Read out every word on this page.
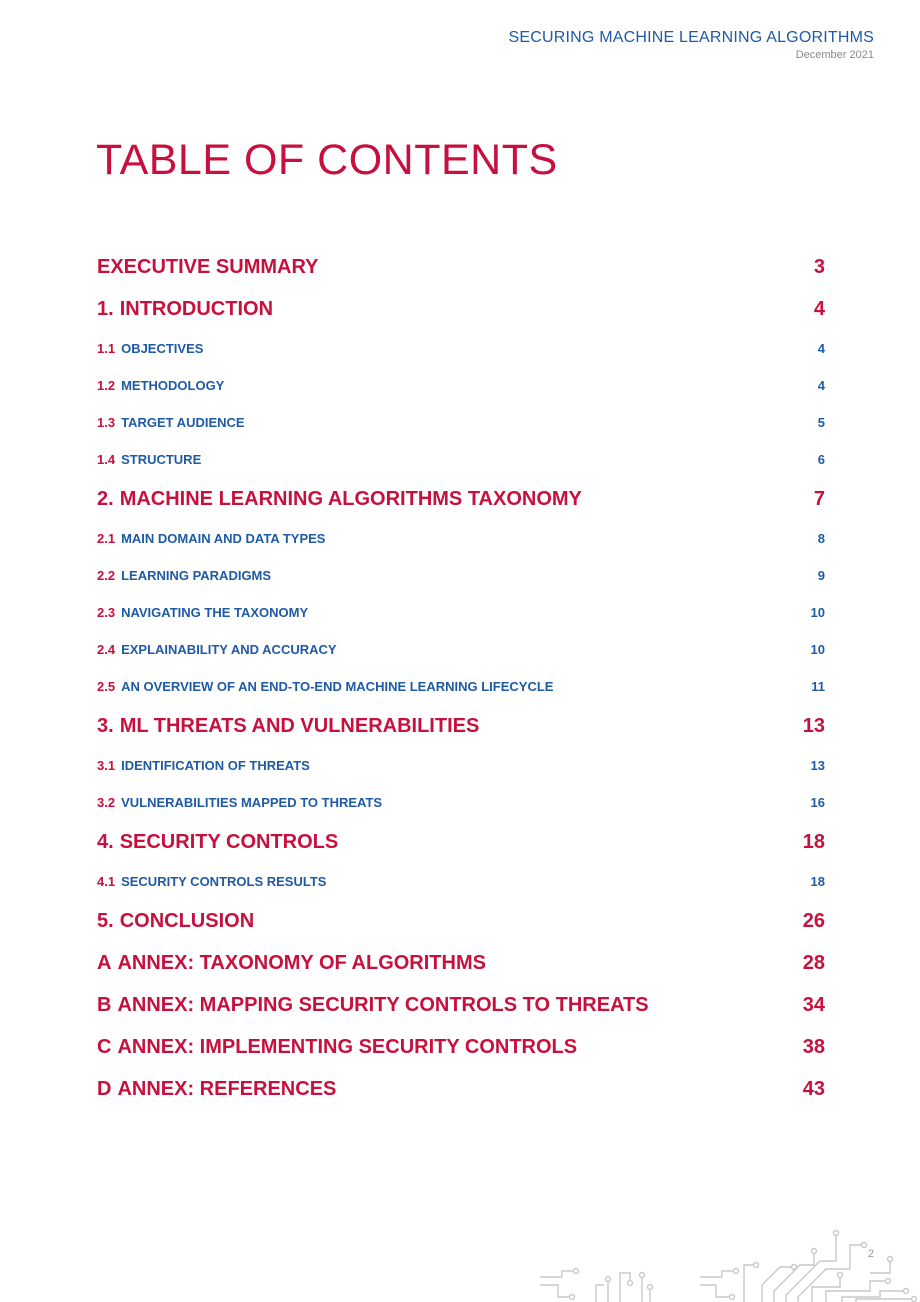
SECURING MACHINE LEARNING ALGORITHMS
December 2021
TABLE OF CONTENTS
EXECUTIVE SUMMARY	3
1. INTRODUCTION	4
1.1 OBJECTIVES	4
1.2 METHODOLOGY	4
1.3 TARGET AUDIENCE	5
1.4 STRUCTURE	6
2. MACHINE LEARNING ALGORITHMS TAXONOMY	7
2.1 MAIN DOMAIN AND DATA TYPES	8
2.2 LEARNING PARADIGMS	9
2.3 NAVIGATING THE TAXONOMY	10
2.4 EXPLAINABILITY AND ACCURACY	10
2.5 AN OVERVIEW OF AN END-TO-END MACHINE LEARNING LIFECYCLE	11
3. ML THREATS AND VULNERABILITIES	13
3.1 IDENTIFICATION OF THREATS	13
3.2 VULNERABILITIES MAPPED TO THREATS	16
4. SECURITY CONTROLS	18
4.1 SECURITY CONTROLS RESULTS	18
5. CONCLUSION	26
A ANNEX: TAXONOMY OF ALGORITHMS	28
B ANNEX: MAPPING SECURITY CONTROLS TO THREATS	34
C ANNEX: IMPLEMENTING SECURITY CONTROLS	38
D ANNEX: REFERENCES	43
2
